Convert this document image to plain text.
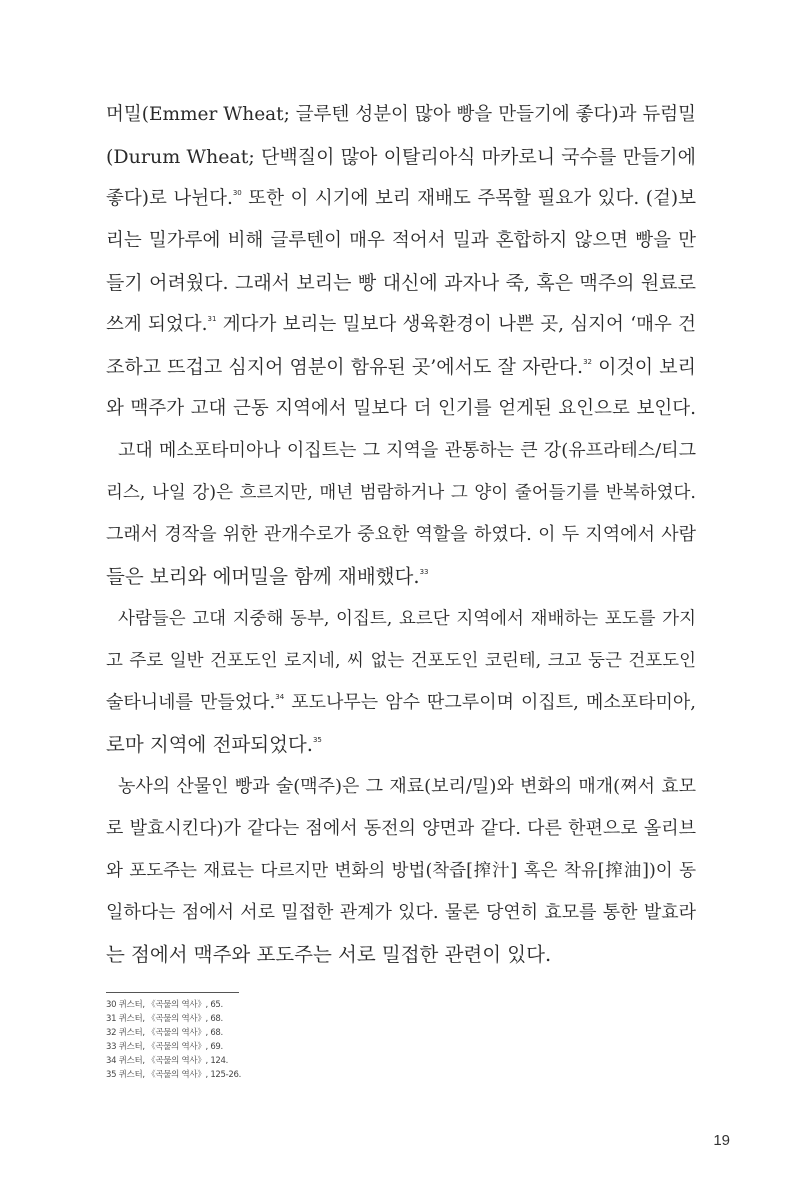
머밀(Emmer Wheat; 글루텐 성분이 많아 빵을 만들기에 좋다)과 듀럼밀
(Durum Wheat; 단백질이 많아 이탈리아식 마카로니 국수를 만들기에
좋다)로 나뉜다.$^{30}$ 또한 이 시기에 보리 재배도 주목할 필요가 있다. (겉)보
리는 밀가루에 비해 글루텐이 매우 적어서 밀과 혼합하지 않으면 빵을 만
들기 어려웠다. 그래서 보리는 빵 대신에 과자나 죽, 혹은 맥주의 원료로
쓰게 되었다.$^{31}$ 게다가 보리는 밀보다 생육환경이 나쁜 곳, 심지어 ‘매우 건
조하고 뜨겁고 심지어 염분이 함유된 곳’에서도 잘 자란다.$^{32}$ 이것이 보리
와 맥주가 고대 근동 지역에서 밀보다 더 인기를 얻게된 요인으로 보인다.
고대 메소포타미아나 이집트는 그 지역을 관통하는 큰 강(유프라테스/티그
리스, 나일 강)은 흐르지만, 매년 범람하거나 그 양이 줄어들기를 반복하였다.
그래서 경작을 위한 관개수로가 중요한 역할을 하였다. 이 두 지역에서 사람
들은 보리와 에머밀을 함께 재배했다.$^{33}$
사람들은 고대 지중해 동부, 이집트, 요르단 지역에서 재배하는 포도를 가지
고 주로 일반 건포도인 로지네, 씨 없는 건포도인 코린테, 크고 둥근 건포도인
술타니네를 만들었다.$^{34}$ 포도나무는 암수 딴그루이며 이집트, 메소포타미아,
로마 지역에 전파되었다.$^{35}$
농사의 산물인 빵과 술(맥주)은 그 재료(보리/밀)와 변화의 매개(쪄서 효모
로 발효시킨다)가 같다는 점에서 동전의 양면과 같다. 다른 한편으로 올리브
와 포도주는 재료는 다르지만 변화의 방법(착즙[搾汁] 혹은 착유[搾油])이 동
일하다는 점에서 서로 밀접한 관계가 있다. 물론 당연히 효모를 통한 발효라
는 점에서 맥주와 포도주는 서로 밀접한 관련이 있다.
30 퀴스터, 《곡물의 역사》, 65.
31 퀴스터, 《곡물의 역사》, 68.
32 퀴스터, 《곡물의 역사》, 68.
33 퀴스터, 《곡물의 역사》, 69.
34 퀴스터, 《곡물의 역사》, 124.
35 퀴스터, 《곡물의 역사》, 125-26.
19
